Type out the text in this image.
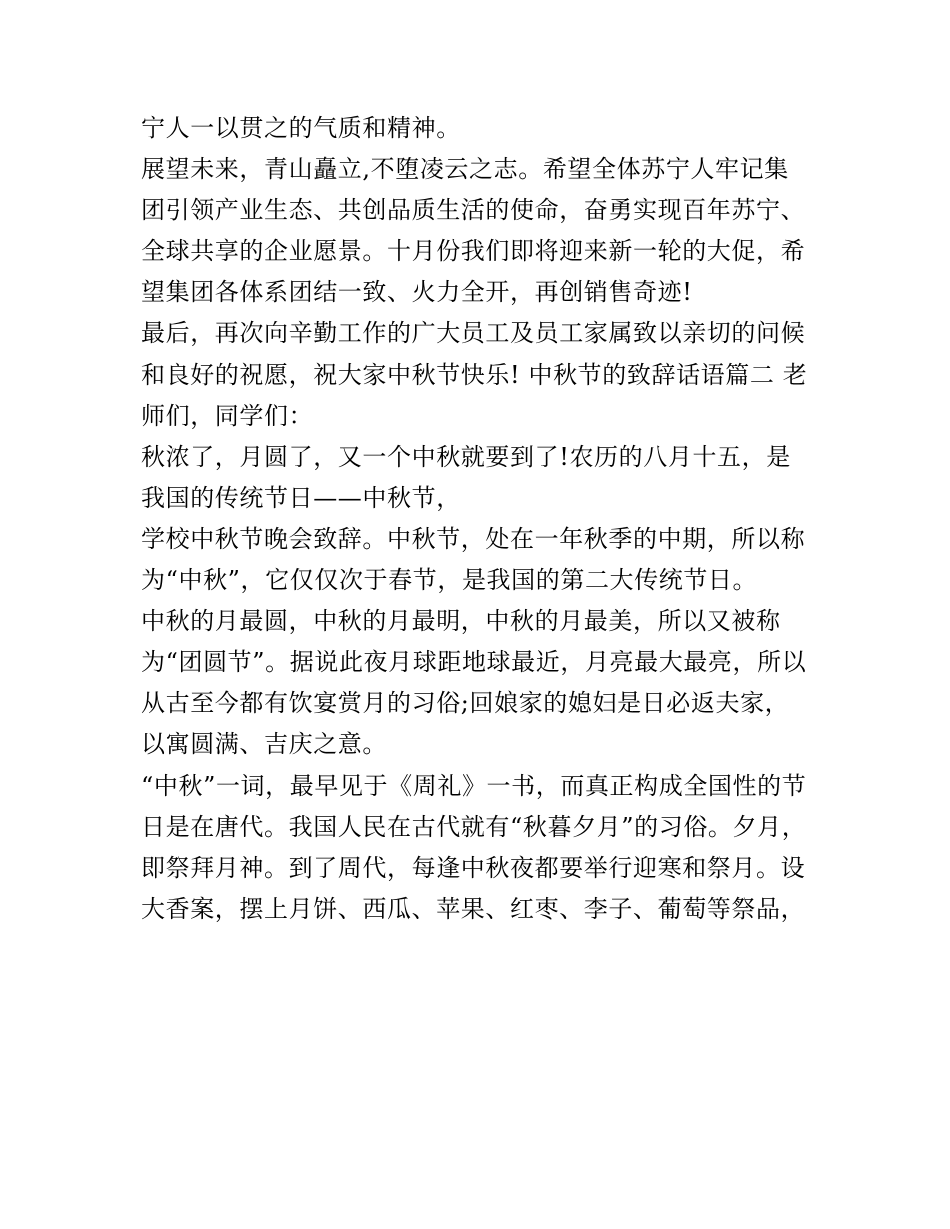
宁人一以贯之的气质和精神。
展望未来，青山矗立,不堕凌云之志。希望全体苏宁人牢记集
团引领产业生态、共创品质生活的使命，奋勇实现百年苏宁、
全球共享的企业愿景。十月份我们即将迎来新一轮的大促，希
望集团各体系团结一致、火力全开，再创销售奇迹!
最后，再次向辛勤工作的广大员工及员工家属致以亲切的问候
和良好的祝愿，祝大家中秋节快乐! 中秋节的致辞话语篇二 老
师们，同学们：
秋浓了，月圆了，又一个中秋就要到了!农历的八月十五，是
我国的传统节日——中秋节，
学校中秋节晚会致辞。中秋节，处在一年秋季的中期，所以称
为“中秋”，它仅仅次于春节，是我国的第二大传统节日。
中秋的月最圆，中秋的月最明，中秋的月最美，所以又被称
为“团圆节”。据说此夜月球距地球最近，月亮最大最亮，所以
从古至今都有饮宴赏月的习俗;回娘家的媳妇是日必返夫家，
以寓圆满、吉庆之意。
“中秋”一词，最早见于《周礼》一书，而真正构成全国性的节
日是在唐代。我国人民在古代就有“秋暮夕月”的习俗。夕月，
即祭拜月神。到了周代，每逢中秋夜都要举行迎寒和祭月。设
大香案，摆上月饼、西瓜、苹果、红枣、李子、葡萄等祭品，
